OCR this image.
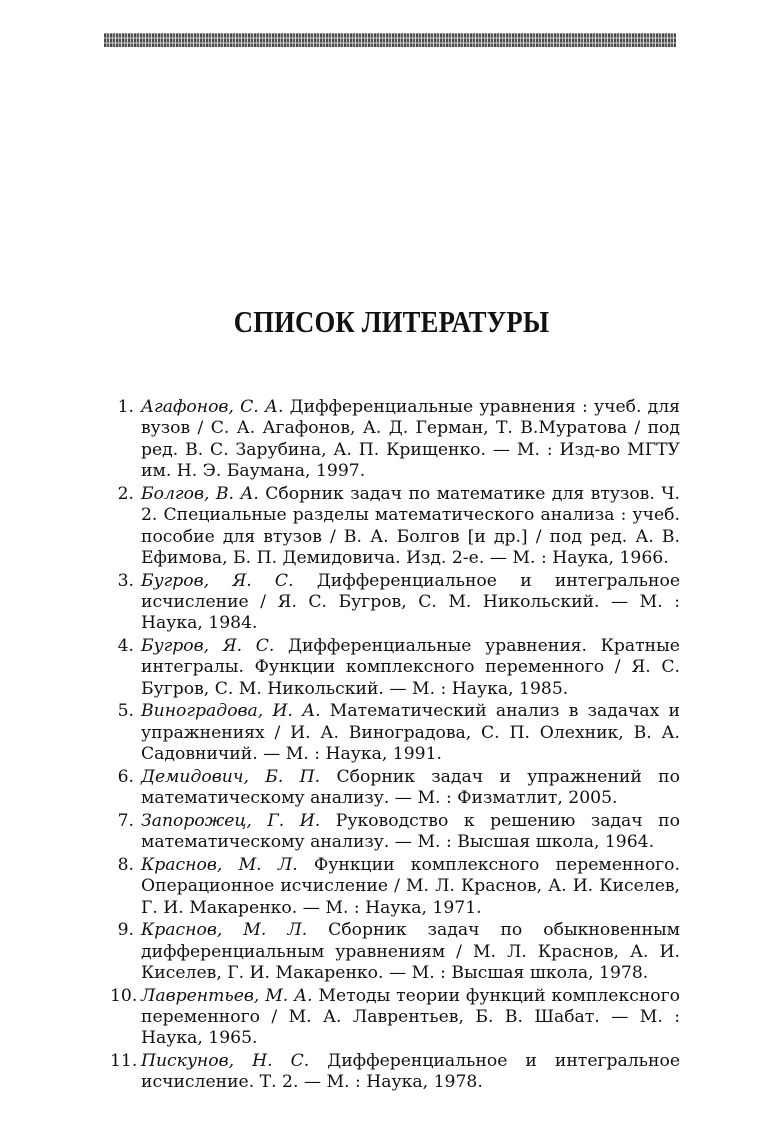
СПИСОК ЛИТЕРАТУРЫ
1. Агафонов, С. А. Дифференциальные уравнения : учеб. для вузов / С. А. Агафонов, А. Д. Герман, Т. В.Муратова / под ред. В. С. Зарубина, А. П. Крищенко. — М. : Изд-во МГТУ им. Н. Э. Баумана, 1997.
2. Болгов, В. А. Сборник задач по математике для втузов. Ч. 2. Специальные разделы математического анализа : учеб. пособие для втузов / В. А. Болгов [и др.] / под ред. А. В. Ефимова, Б. П. Демидовича. Изд. 2-е. — М. : Наука, 1966.
3. Бугров, Я. С. Дифференциальное и интегральное исчисление / Я. С. Бугров, С. М. Никольский. — М. : Наука, 1984.
4. Бугров, Я. С. Дифференциальные уравнения. Кратные интегралы. Функции комплексного переменного / Я. С. Бугров, С. М. Никольский. — М. : Наука, 1985.
5. Виноградова, И. А. Математический анализ в задачах и упражнениях / И. А. Виноградова, С. П. Олехник, В. А. Садовничий. — М. : Наука, 1991.
6. Демидович, Б. П. Сборник задач и упражнений по математическому анализу. — М. : Физматлит, 2005.
7. Запорожец, Г. И. Руководство к решению задач по математическому анализу. — М. : Высшая школа, 1964.
8. Краснов, М. Л. Функции комплексного переменного. Операционное исчисление / М. Л. Краснов, А. И. Киселев, Г. И. Макаренко. — М. : Наука, 1971.
9. Краснов, М. Л. Сборник задач по обыкновенным дифференциальным уравнениям / М. Л. Краснов, А. И. Киселев, Г. И. Макаренко. — М. : Высшая школа, 1978.
10. Лаврентьев, М. А. Методы теории функций комплексного переменного / М. А. Лаврентьев, Б. В. Шабат. — М. : Наука, 1965.
11. Пискунов, Н. С. Дифференциальное и интегральное исчисление. Т. 2. — М. : Наука, 1978.
